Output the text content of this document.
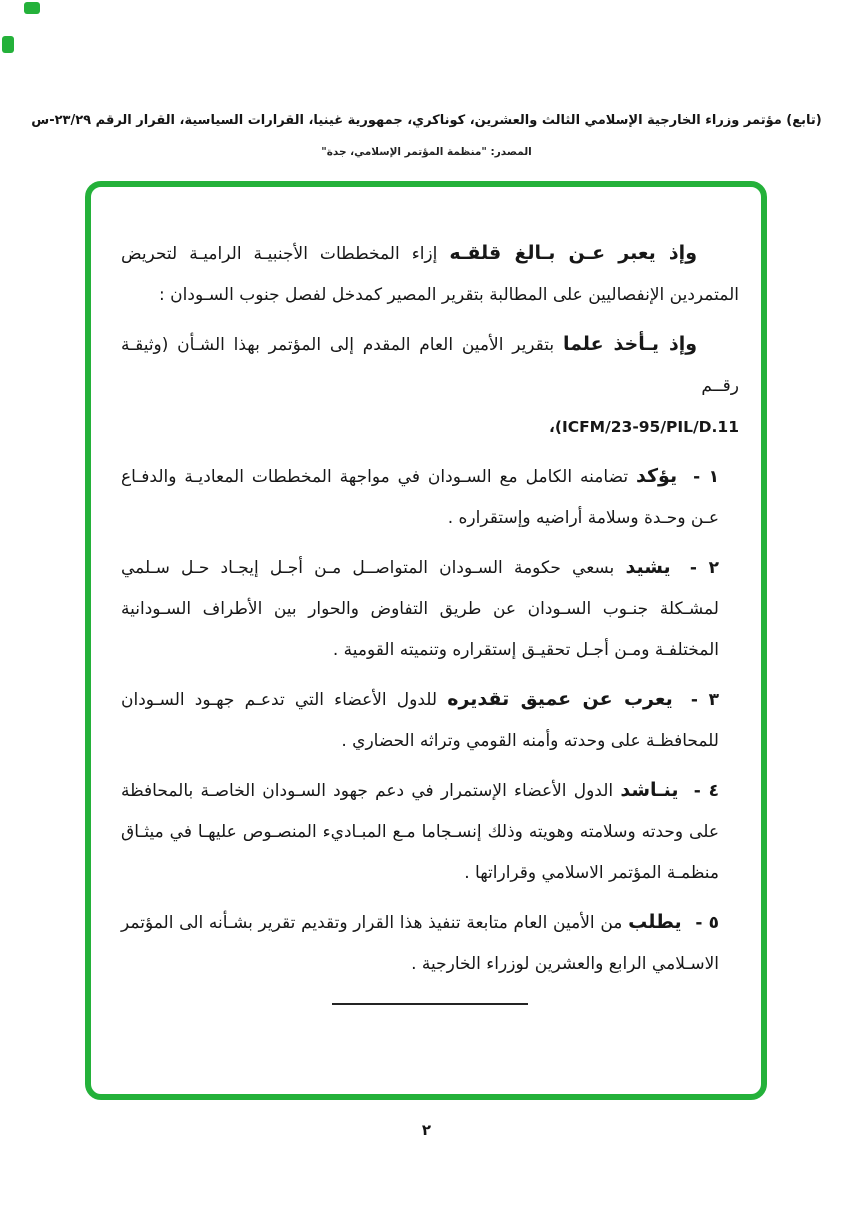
(تابع) مؤتمر وزراء الخارجية الإسلامي الثالث والعشرين، كوناكري، جمهورية غينيا، القرارات السياسية، القرار الرقم ٢٣/٢٩-س
المصدر: "منظمة المؤتمر الإسلامي، جدة"

وإذ يعبر عـن بـالغ قلقـه إزاء المخططات الأجنبيـة الراميـة لتحريض المتمردين الإنفصاليين على المطالبة بتقرير المصير كمدخل لفصل جنوب السـودان :

وإذ يـأخذ علما بتقرير الأمين العام المقدم إلى المؤتمر بهذا الشـأن (وثيقـة رقــم
ICFM/23-95/PIL/D.11)،

١ - يؤكد تضامنه الكامل مع السـودان في مواجهة المخططات المعاديـة والدفـاع عـن وحـدة وسلامة أراضيه وإستقراره .

٢ - يشيد بسعي حكومة السـودان المتواصــل مـن أجـل إيجـاد حـل سـلمي لمشـكلة جنـوب السـودان عن طريق التفاوض والحوار بين الأطراف السـودانية المختلفـة ومـن أجـل تحقيـق إستقراره وتنميته القومية .

٣ - يعرب عن عميق تقديره للدول الأعضاء التي تدعـم جهـود السـودان للمحافظـة على وحدته وأمنه القومي وتراثه الحضاري .

٤ - ينـاشد الدول الأعضاء الإستمرار في دعم جهود السـودان الخاصـة بالمحافظة على وحدته وسلامته وهويته وذلك إنسـجاما مـع المبـاديء المنصـوص عليهـا في ميثـاق منظمـة المؤتمر الاسلامي وقراراتها .

٥ - يطلب من الأمين العام متابعة تنفيذ هذا القرار وتقديم تقرير بشـأنه الى المؤتمر الاسـلامي الرابع والعشرين لوزراء الخارجية .

٢
